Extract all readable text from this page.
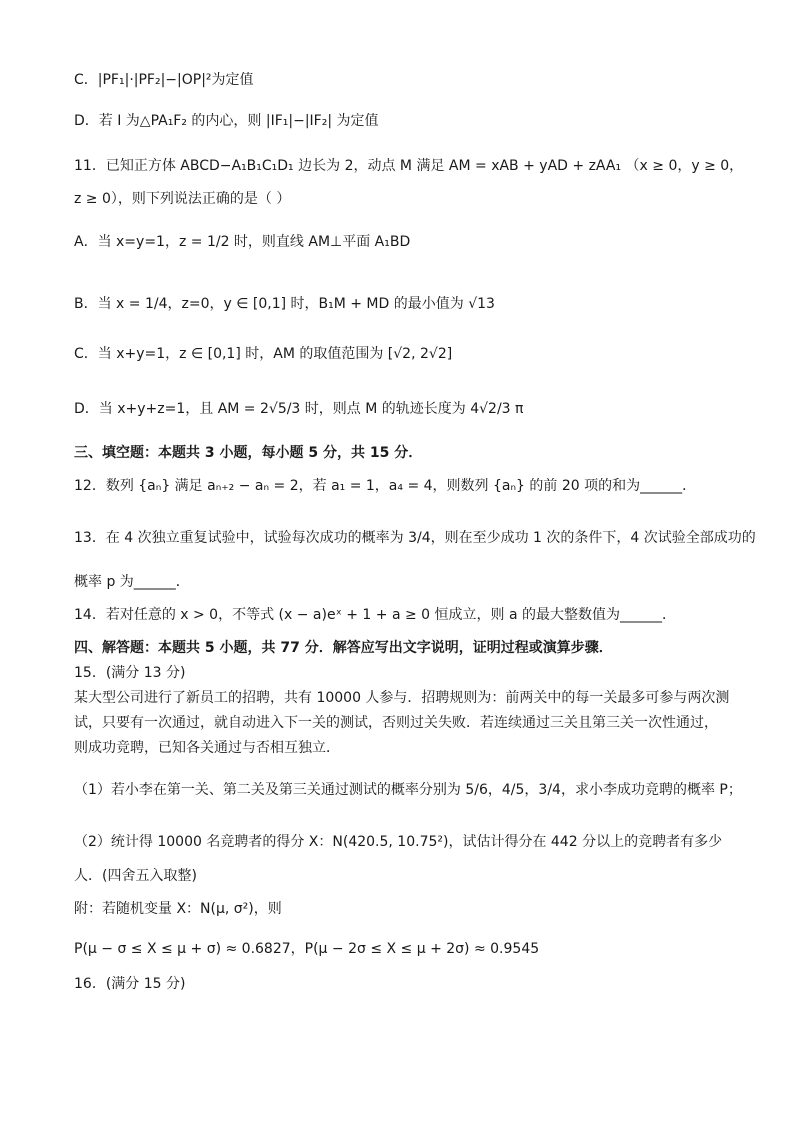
C．|PF₁|·|PF₂|−|OP|²为定值
D．若 I 为△PA₁F₂ 的内心，则 |IF₁|−|IF₂| 为定值
11．已知正方体 ABCD−A₁B₁C₁D₁ 边长为 2，动点 M 满足 AM = xAB + yAD + zAA₁ （x ≥ 0，y ≥ 0，
z ≥ 0），则下列说法正确的是（ ）
A．当 x=y=1，z = 1/2 时，则直线 AM⊥平面 A₁BD
B．当 x = 1/4，z=0，y ∈ [0,1] 时，B₁M + MD 的最小值为 √13
C．当 x+y=1，z ∈ [0,1] 时，AM 的取值范围为 [√2, 2√2]
D．当 x+y+z=1，且 AM = 2√5/3 时，则点 M 的轨迹长度为 4√2/3 π
三、填空题：本题共 3 小题，每小题 5 分，共 15 分．
12．数列 {aₙ} 满足 aₙ₊₂ − aₙ = 2，若 a₁ = 1，a₄ = 4，则数列 {aₙ} 的前 20 项的和为______．
13．在 4 次独立重复试验中，试验每次成功的概率为 3/4，则在至少成功 1 次的条件下，4 次试验全部成功的
概率 p 为______．
14．若对任意的 x > 0，不等式 (x − a)eˣ + 1 + a ≥ 0 恒成立，则 a 的最大整数值为______．
四、解答题：本题共 5 小题，共 77 分．解答应写出文字说明，证明过程或演算步骤．
15．(满分 13 分)
某大型公司进行了新员工的招聘，共有 10000 人参与．招聘规则为：前两关中的每一关最多可参与两次测
试，只要有一次通过，就自动进入下一关的测试，否则过关失败．若连续通过三关且第三关一次性通过，
则成功竞聘，已知各关通过与否相互独立．
（1）若小李在第一关、第二关及第三关通过测试的概率分别为 5/6，4/5，3/4，求小李成功竞聘的概率 P；
（2）统计得 10000 名竞聘者的得分 X：N(420.5, 10.75²)，试估计得分在 442 分以上的竞聘者有多少
人．(四舍五入取整)
附：若随机变量 X：N(μ, σ²)，则
P(μ − σ ≤ X ≤ μ + σ) ≈ 0.6827，P(μ − 2σ ≤ X ≤ μ + 2σ) ≈ 0.9545
16．(满分 15 分)
